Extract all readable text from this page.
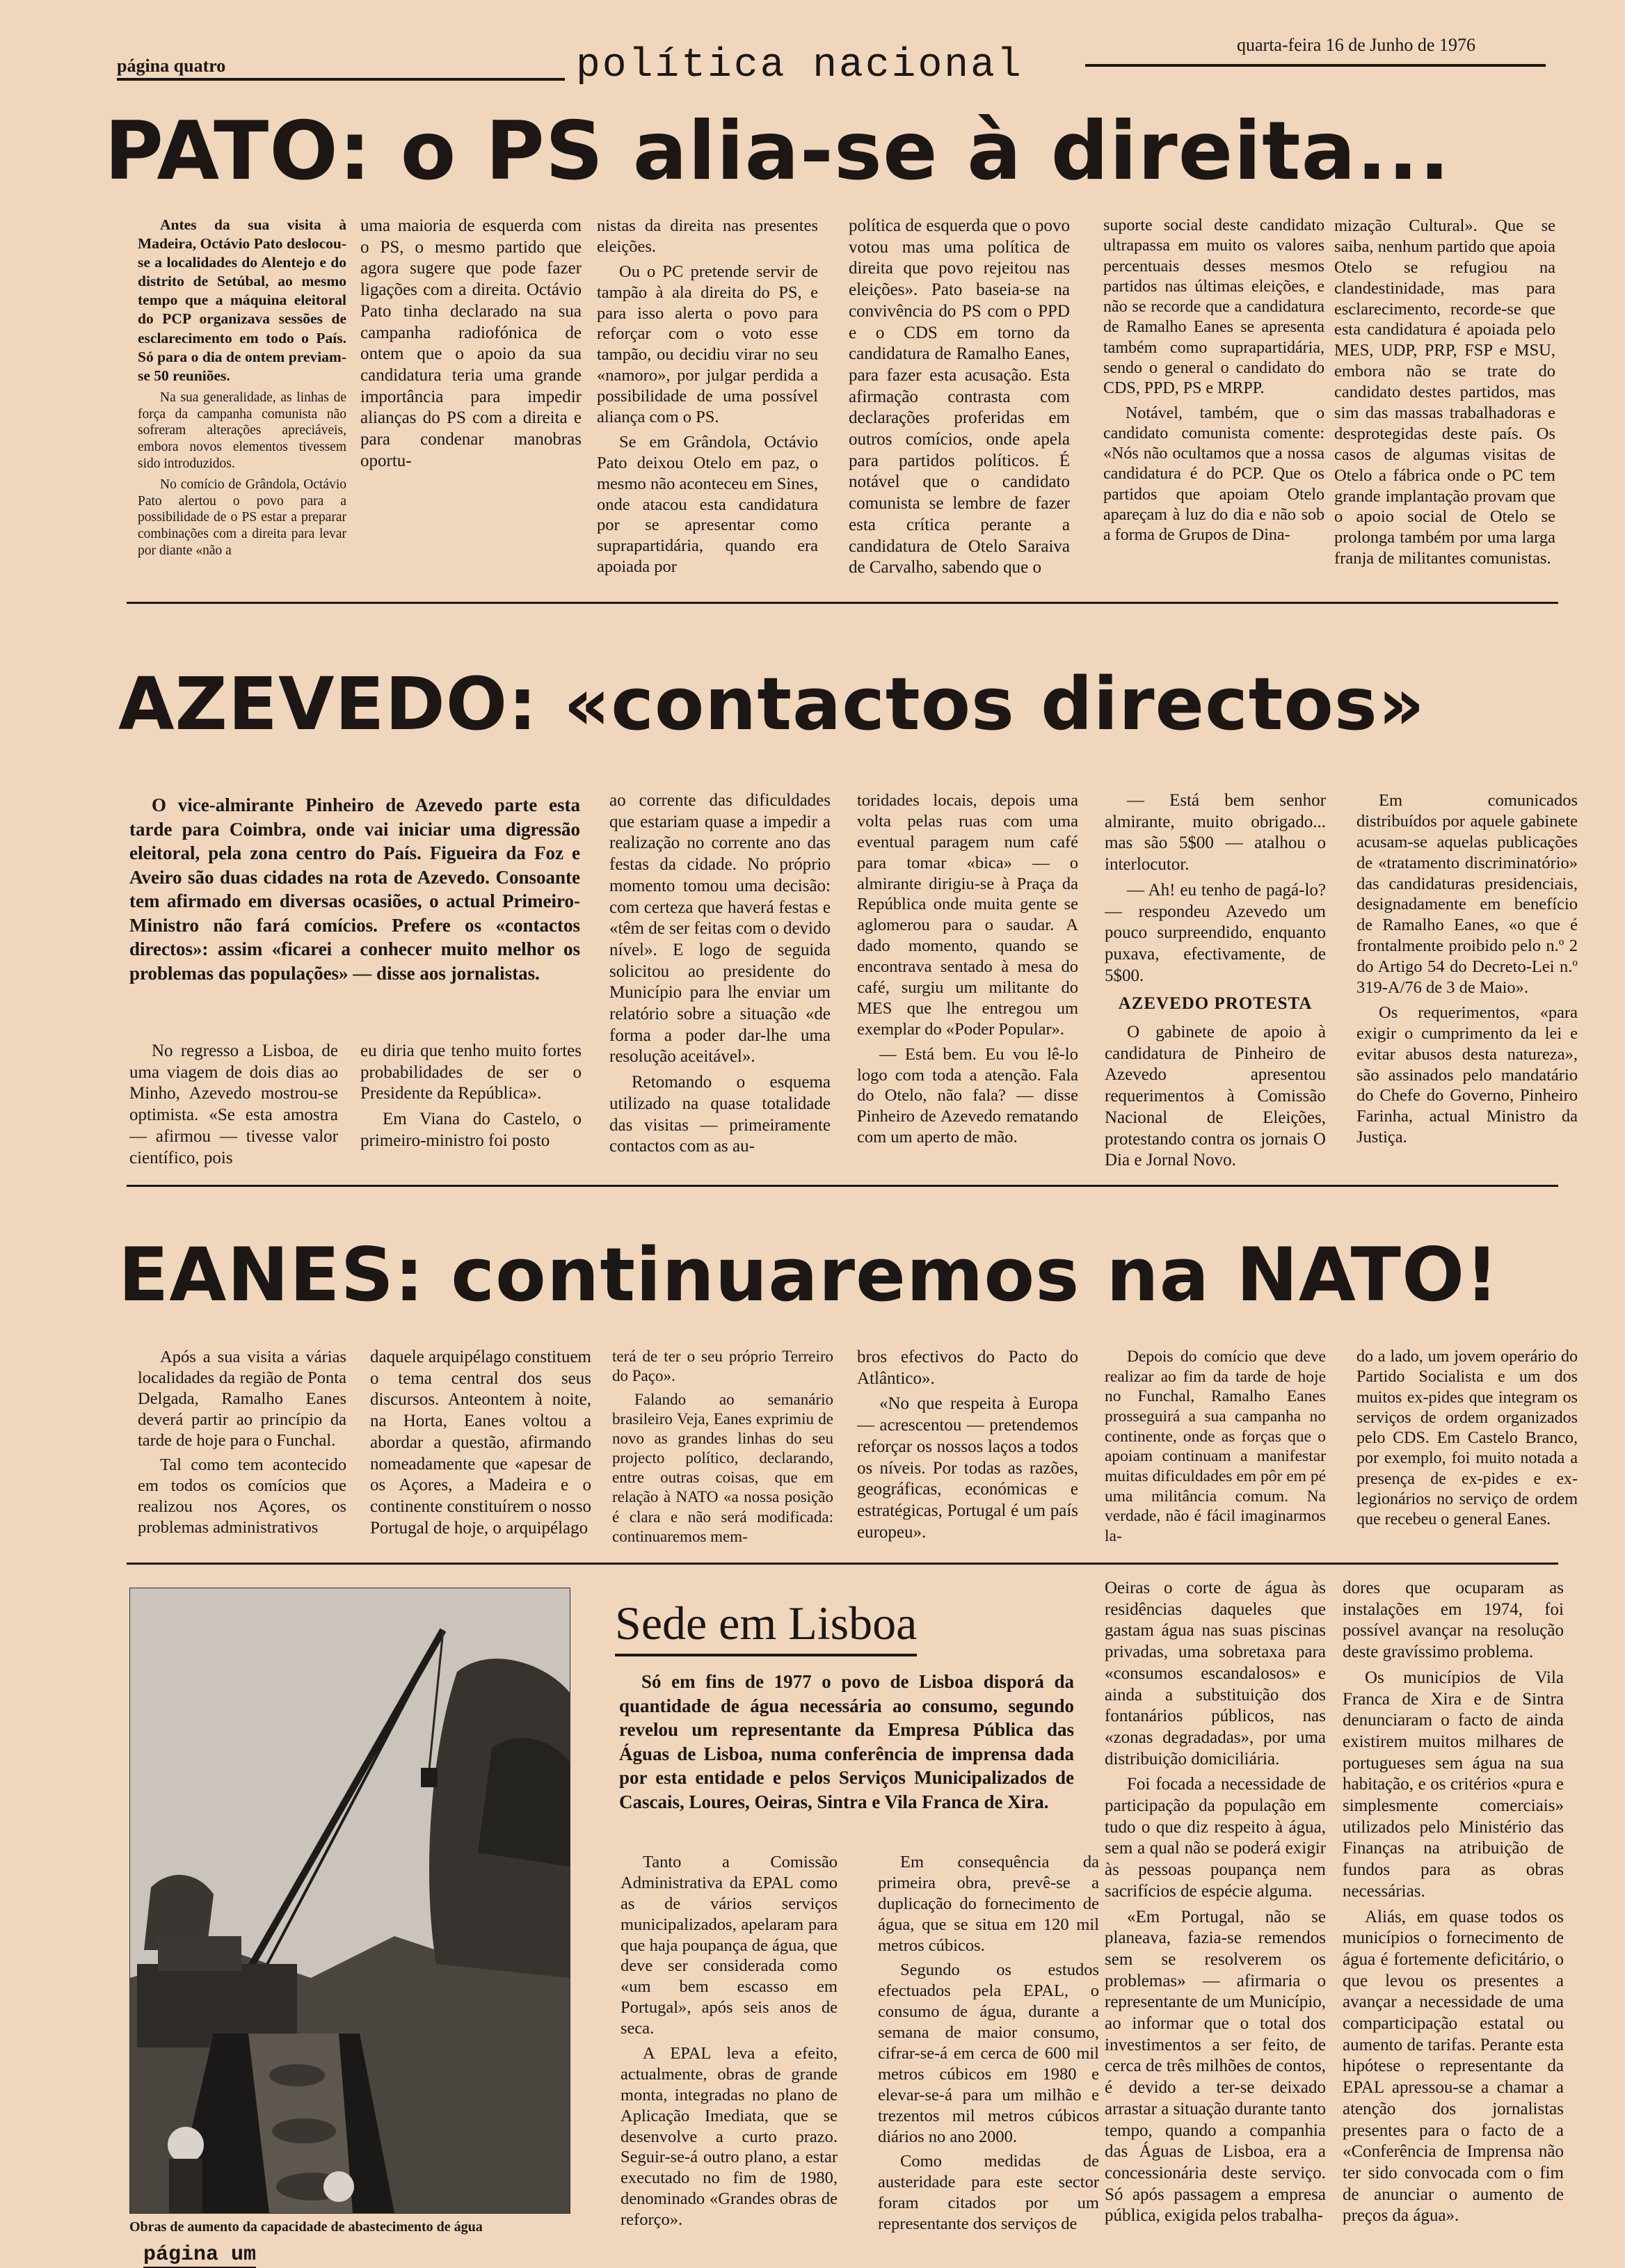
página quatro	política nacional	quarta-feira 16 de Junho de 1976
PATO: o PS alia-se à direita...

Antes da sua visita à Madeira, Octávio Pato deslocou-se a localidades do Alentejo e do distrito de Setúbal, ao mesmo tempo que a máquina eleitoral do PCP organizava sessões de esclarecimento em todo o País. Só para o dia de ontem previam-se 50 reuniões.

Na sua generalidade, as linhas de força da campanha comunista não sofreram alterações apreciáveis, embora novos elementos tivessem sido introduzidos.

No comício de Grândola, Octávio Pato alertou o povo para a possibilidade de o PS estar a preparar combinações com a direita para levar por diante «não a

uma maioria de esquerda com o PS, o mesmo partido que agora sugere que pode fazer ligações com a direita. Octávio Pato tinha declarado na sua campanha radiofónica de ontem que o apoio da sua candidatura teria uma grande importância para impedir alianças do PS com a direita e para condenar manobras oportu-

nistas da direita nas presentes eleições.

Ou o PC pretende servir de tampão à ala direita do PS, e para isso alerta o povo para reforçar com o voto esse tampão, ou decidiu virar no seu «namoro», por julgar perdida a possibilidade de uma possível aliança com o PS.

Se em Grândola, Octávio Pato deixou Otelo em paz, o mesmo não aconteceu em Sines, onde atacou esta candidatura por se apresentar como suprapartidária, quando era apoiada por

política de esquerda que o povo votou mas uma política de direita que povo rejeitou nas eleições». Pato baseia-se na convivência do PS com o PPD e o CDS em torno da candidatura de Ramalho Eanes, para fazer esta acusação. Esta afirmação contrasta com declarações proferidas em outros comícios, onde apela para partidos políticos. É notável que o candidato comunista se lembre de fazer esta crítica perante a candidatura de Otelo Saraiva de Carvalho, sabendo que o

suporte social deste candidato ultrapassa em muito os valores percentuais desses mesmos partidos nas últimas eleições, e não se recorde que a candidatura de Ramalho Eanes se apresenta também como suprapartidária, sendo o general o candidato do CDS, PPD, PS e MRPP.

Notável, também, que o candidato comunista comente: «Nós não ocultamos que a nossa candidatura é do PCP. Que os partidos que apoiam Otelo apareçam à luz do dia e não sob a forma de Grupos de Dina-

mização Cultural». Que se saiba, nenhum partido que apoia Otelo se refugiou na clandestinidade, mas para esclarecimento, recorde-se que esta candidatura é apoiada pelo MES, UDP, PRP, FSP e MSU, embora não se trate do candidato destes partidos, mas sim das massas trabalhadoras e desprotegidas deste país. Os casos de algumas visitas de Otelo a fábrica onde o PC tem grande implantação provam que o apoio social de Otelo se prolonga também por uma larga franja de militantes comunistas.

AZEVEDO: «contactos directos»

O vice-almirante Pinheiro de Azevedo parte esta tarde para Coimbra, onde vai iniciar uma digressão eleitoral, pela zona centro do País. Figueira da Foz e Aveiro são duas cidades na rota de Azevedo. Consoante tem afirmado em diversas ocasiões, o actual Primeiro-Ministro não fará comícios. Prefere os «contactos directos»: assim «ficarei a conhecer muito melhor os problemas das populações» — disse aos jornalistas.

No regresso a Lisboa, de uma viagem de dois dias ao Minho, Azevedo mostrou-se optimista. «Se esta amostra — afirmou — tivesse valor científico, pois

eu diria que tenho muito fortes probabilidades de ser o Presidente da República».

Em Viana do Castelo, o primeiro-ministro foi posto

ao corrente das dificuldades que estariam quase a impedir a realização no corrente ano das festas da cidade. No próprio momento tomou uma decisão: com certeza que haverá festas e «têm de ser feitas com o devido nível». E logo de seguida solicitou ao presidente do Município para lhe enviar um relatório sobre a situação «de forma a poder dar-lhe uma resolução aceitável».

Retomando o esquema utilizado na quase totalidade das visitas — primeiramente contactos com as au-

toridades locais, depois uma volta pelas ruas com uma eventual paragem num café para tomar «bica» — o almirante dirigiu-se à Praça da República onde muita gente se aglomerou para o saudar. A dado momento, quando se encontrava sentado à mesa do café, surgiu um militante do MES que lhe entregou um exemplar do «Poder Popular».

— Está bem. Eu vou lê-lo logo com toda a atenção. Fala do Otelo, não fala? — disse Pinheiro de Azevedo rematando com um aperto de mão.

— Está bem senhor almirante, muito obrigado... mas são 5$00 — atalhou o interlocutor.

— Ah! eu tenho de pagá-lo? — respondeu Azevedo um pouco surpreendido, enquanto puxava, efectivamente, de 5$00.

AZEVEDO PROTESTA

O gabinete de apoio à candidatura de Pinheiro de Azevedo apresentou requerimentos à Comissão Nacional de Eleições, protestando contra os jornais O Dia e Jornal Novo.

Em comunicados distribuídos por aquele gabinete acusam-se aquelas publicações de «tratamento discriminatório» das candidaturas presidenciais, designadamente em benefício de Ramalho Eanes, «o que é frontalmente proibido pelo n.º 2 do Artigo 54 do Decreto-Lei n.º 319-A/76 de 3 de Maio».

Os requerimentos, «para exigir o cumprimento da lei e evitar abusos desta natureza», são assinados pelo mandatário do Chefe do Governo, Pinheiro Farinha, actual Ministro da Justiça.

EANES: continuaremos na NATO!

Após a sua visita a várias localidades da região de Ponta Delgada, Ramalho Eanes deverá partir ao princípio da tarde de hoje para o Funchal.

Tal como tem acontecido em todos os comícios que realizou nos Açores, os problemas administrativos

daquele arquipélago constituem o tema central dos seus discursos. Anteontem à noite, na Horta, Eanes voltou a abordar a questão, afirmando nomeadamente que «apesar de os Açores, a Madeira e o continente constituírem o nosso Portugal de hoje, o arquipélago

terá de ter o seu próprio Terreiro do Paço».

Falando ao semanário brasileiro Veja, Eanes exprimiu de novo as grandes linhas do seu projecto político, declarando, entre outras coisas, que em relação à NATO «a nossa posição é clara e não será modificada: continuaremos mem-

bros efectivos do Pacto do Atlântico».

«No que respeita à Europa — acrescentou — pretendemos reforçar os nossos laços a todos os níveis. Por todas as razões, geográficas, económicas e estratégicas, Portugal é um país europeu».

Depois do comício que deve realizar ao fim da tarde de hoje no Funchal, Ramalho Eanes prosseguirá a sua campanha no continente, onde as forças que o apoiam continuam a manifestar muitas dificuldades em pôr em pé uma militância comum. Na verdade, não é fácil imaginarmos la-

do a lado, um jovem operário do Partido Socialista e um dos muitos ex-pides que integram os serviços de ordem organizados pelo CDS. Em Castelo Branco, por exemplo, foi muito notada a presença de ex-pides e ex-legionários no serviço de ordem que recebeu o general Eanes.

Obras de aumento da capacidade de abastecimento de água
página um
Sede em Lisboa

Só em fins de 1977 o povo de Lisboa disporá da quantidade de água necessária ao consumo, segundo revelou um representante da Empresa Pública das Águas de Lisboa, numa conferência de imprensa dada por esta entidade e pelos Serviços Municipalizados de Cascais, Loures, Oeiras, Sintra e Vila Franca de Xira.

Tanto a Comissão Administrativa da EPAL como as de vários serviços municipalizados, apelaram para que haja poupança de água, que deve ser considerada como «um bem escasso em Portugal», após seis anos de seca.

A EPAL leva a efeito, actualmente, obras de grande monta, integradas no plano de Aplicação Imediata, que se desenvolve a curto prazo. Seguir-se-á outro plano, a estar executado no fim de 1980, denominado «Grandes obras de reforço».

Em consequência da primeira obra, prevê-se a duplicação do fornecimento de água, que se situa em 120 mil metros cúbicos.

Segundo os estudos efectuados pela EPAL, o consumo de água, durante a semana de maior consumo, cifrar-se-á em cerca de 600 mil metros cúbicos em 1980 e elevar-se-á para um milhão e trezentos mil metros cúbicos diários no ano 2000.

Como medidas de austeridade para este sector foram citados por um representante dos serviços de

Oeiras o corte de água às residências daqueles que gastam água nas suas piscinas privadas, uma sobretaxa para «consumos escandalosos» e ainda a substituição dos fontanários públicos, nas «zonas degradadas», por uma distribuição domiciliária.

Foi focada a necessidade de participação da população em tudo o que diz respeito à água, sem a qual não se poderá exigir às pessoas poupança nem sacrifícios de espécie alguma.

«Em Portugal, não se planeava, fazia-se remendos sem se resolverem os problemas» — afirmaria o representante de um Município, ao informar que o total dos investimentos a ser feito, de cerca de três milhões de contos, é devido a ter-se deixado arrastar a situação durante tanto tempo, quando a companhia das Águas de Lisboa, era a concessionária deste serviço. Só após passagem a empresa pública, exigida pelos trabalha-

dores que ocuparam as instalações em 1974, foi possível avançar na resolução deste gravíssimo problema.

Os municípios de Vila Franca de Xira e de Sintra denunciaram o facto de ainda existirem muitos milhares de portugueses sem água na sua habitação, e os critérios «pura e simplesmente comerciais» utilizados pelo Ministério das Finanças na atribuição de fundos para as obras necessárias.

Aliás, em quase todos os municípios o fornecimento de água é fortemente deficitário, o que levou os presentes a avançar a necessidade de uma comparticipação estatal ou aumento de tarifas. Perante esta hipótese o representante da EPAL apressou-se a chamar a atenção dos jornalistas presentes para o facto de a «Conferência de Imprensa não ter sido convocada com o fim de anunciar o aumento de preços da água».
